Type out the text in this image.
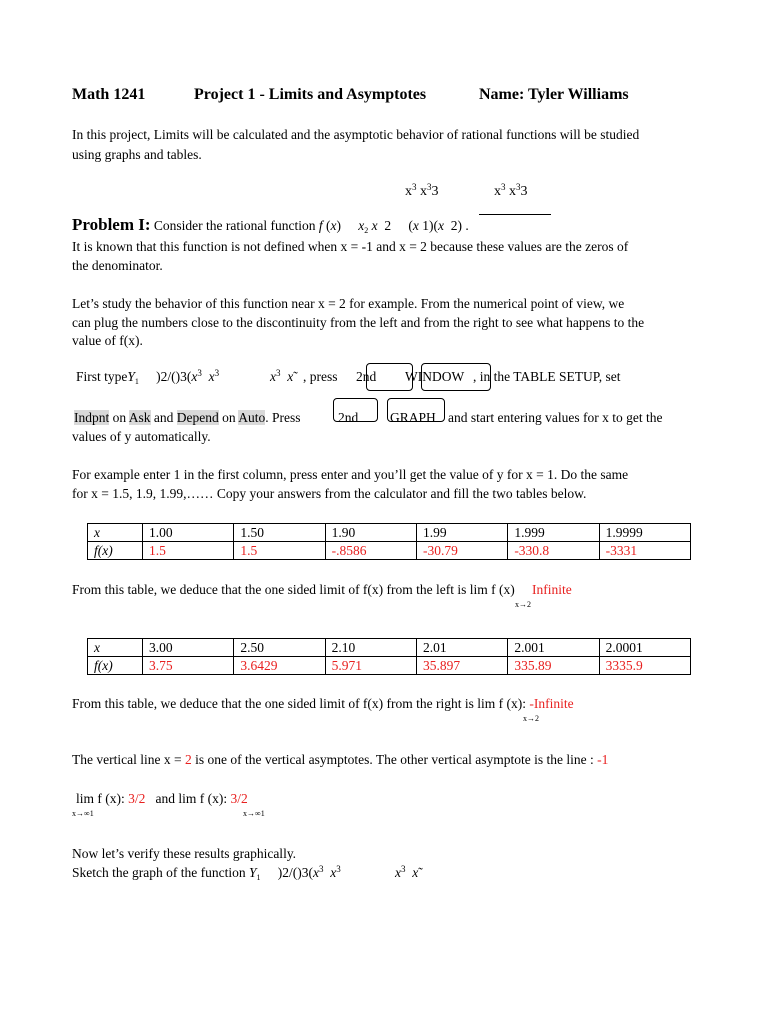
Math 1241	Project 1 - Limits and Asymptotes	Name: Tyler Williams
In this project, Limits will be calculated and the asymptotic behavior of rational functions will be studied
using graphs and tables.
$x^3$ $x^33$	$x^3$ $x^33$
Problem I: Consider the rational function f (x) $x_2$ x  2 (x 1)(x  2) .
It is known that this function is not defined when x = -1 and x = 2 because these values are the zeros of
the denominator.
Let’s study the behavior of this function near x = 2 for example. From the numerical point of view, we
can plug the numbers close to the discontinuity from the left and from the right to see what happens to the
value of f(x).
First typeY$_1$ )$2/()3(x^3$ $x^3$	$x^3$ x , press 2nd WINDOW , in the TABLE SETUP, set
Indpnt on Ask and Depend on Auto. Press	2nd GRAPH and start entering values for x to get the
values of y automatically.
For example enter 1 in the first column, press enter and you’ll get the value of y for x = 1. Do the same
for x = 1.5, 1.9, 1.99,…… Copy your answers from the calculator and fill the two tables below.
x	1.00	1.50	1.90	1.99	1.999	1.9999
f(x)	1.5	1.5	-.8586	-30.79	-330.8	-3331
From this table, we deduce that the one sided limit of f(x) from the left is lim f (x) Infinite
x→2
x	3.00	2.50	2.10	2.01	2.001	2.0001
f(x)	3.75	3.6429	5.971	35.897	335.89	3335.9
From this table, we deduce that the one sided limit of f(x) from the right is lim f (x): -Infinite
x→2
The vertical line x = 2 is one of the vertical asymptotes. The other vertical asymptote is the line : -1
lim f (x): 3/2 and lim f (x): 3/2
x→∞1	x→∞1
Now let’s verify these results graphically.
Sketch the graph of the function $Y_1$ )$2/()3(x^3$ $x^3$	$x^3$ x
